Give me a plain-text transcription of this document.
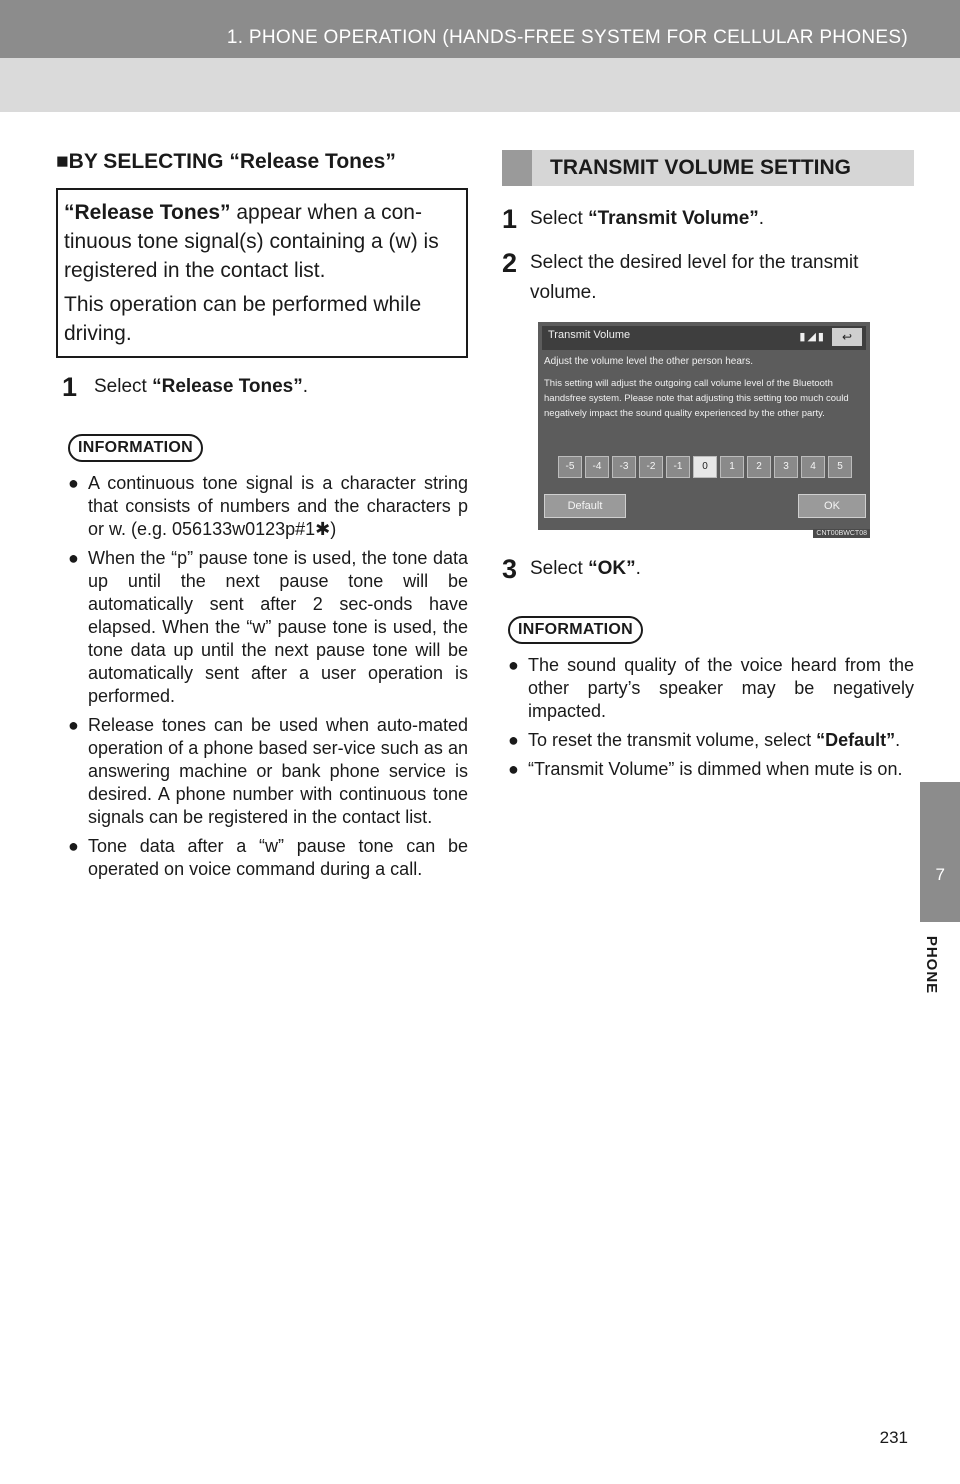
1. PHONE OPERATION (HANDS-FREE SYSTEM FOR CELLULAR PHONES)
7
PHONE
■BY SELECTING “Release Tones”

“Release Tones” appear when a con-tinuous tone signal(s) containing a (w) is registered in the contact list.

This operation can be performed while driving.

1 Select “Release Tones”.
INFORMATION
● A continuous tone signal is a character string that consists of numbers and the characters p or w. (e.g. 056133w0123p#1✱)
● When the “p” pause tone is used, the tone data up until the next pause tone will be automatically sent after 2 sec-onds have elapsed. When the “w” pause tone is used, the tone data up until the next pause tone will be automatically sent after a user operation is performed.
● Release tones can be used when auto-mated operation of a phone based ser-vice such as an answering machine or bank phone service is desired. A phone number with continuous tone signals can be registered in the contact list.
● Tone data after a “w” pause tone can be operated on voice command during a call.
TRANSMIT VOLUME SETTING
1 Select “Transmit Volume”.
2 Select the desired level for the transmit volume.
Transmit Volume	▮◢▮	↩
Adjust the volume level the other person hears.
This setting will adjust the outgoing call volume level of the Bluetooth handsfree system. Please note that adjusting this setting too much could negatively impact the sound quality experienced by the other party.
-5	-4	-3	-2	-1	0	1	2	3	4	5
Default	OK
CNT00BWCT08
3 Select “OK”.
INFORMATION
● The sound quality of the voice heard from the other party’s speaker may be negatively impacted.
● To reset the transmit volume, select “Default”.
● “Transmit Volume” is dimmed when mute is on.
231
